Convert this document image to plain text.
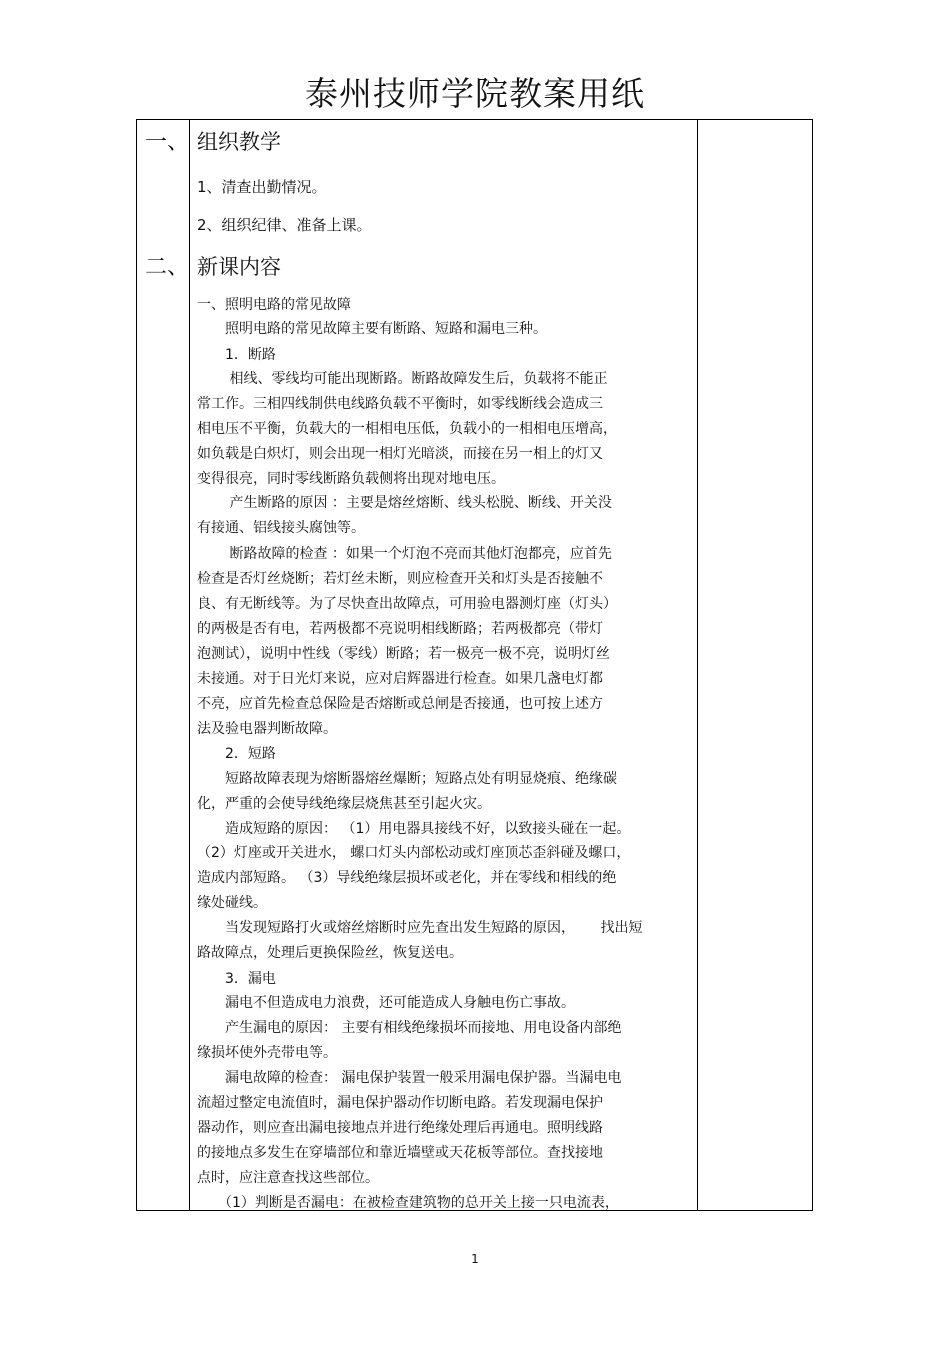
泰州技师学院教案用纸
一、 组织教学
1、清查出勤情况。
2、组织纪律、准备上课。
二、 新课内容
一、照明电路的常见故障
　　照明电路的常见故障主要有断路、短路和漏电三种。
　　1．断路
　　 相线、零线均可能出现断路。断路故障发生后，负载将不能正
常工作。三相四线制供电线路负载不平衡时，如零线断线会造成三
相电压不平衡，负载大的一相相电压低，负载小的一相相电压增高，
如负载是白炽灯，则会出现一相灯光暗淡，而接在另一相上的灯又
变得很亮，同时零线断路负载侧将出现对地电压。
　　 产生断路的原因 ：主要是熔丝熔断、线头松脱、断线、开关没
有接通、铝线接头腐蚀等。
　　 断路故障的检查 ：如果一个灯泡不亮而其他灯泡都亮，应首先
检查是否灯丝烧断；若灯丝未断，则应检查开关和灯头是否接触不
良、有无断线等。为了尽快查出故障点，可用验电器测灯座（灯头）
的两极是否有电，若两极都不亮说明相线断路；若两极都亮（带灯
泡测试），说明中性线（零线）断路；若一极亮一极不亮，说明灯丝
未接通。对于日光灯来说，应对启辉器进行检查。如果几盏电灯都
不亮，应首先检查总保险是否熔断或总闸是否接通，也可按上述方
法及验电器判断故障。
　　2．短路
　　短路故障表现为熔断器熔丝爆断；短路点处有明显烧痕、绝缘碳
化，严重的会使导线绝缘层烧焦甚至引起火灾。
　　造成短路的原因： （1）用电器具接线不好，以致接头碰在一起。
（2）灯座或开关进水， 螺口灯头内部松动或灯座顶芯歪斜碰及螺口，
造成内部短路。 （3）导线绝缘层损坏或老化，并在零线和相线的绝
缘处碰线。
　　当发现短路打火或熔丝熔断时应先查出发生短路的原因，　　 找出短
路故障点，处理后更换保险丝，恢复送电。
　　3．漏电
　　漏电不但造成电力浪费，还可能造成人身触电伤亡事故。
　　产生漏电的原因： 主要有相线绝缘损坏而接地、用电设备内部绝
缘损坏使外壳带电等。
　　漏电故障的检查： 漏电保护装置一般采用漏电保护器。当漏电电
流超过整定电流值时，漏电保护器动作切断电路。若发现漏电保护
器动作，则应查出漏电接地点并进行绝缘处理后再通电。照明线路
的接地点多发生在穿墙部位和靠近墙壁或天花板等部位。查找接地
点时，应注意查找这些部位。
　　（1）判断是否漏电：在被检查建筑物的总开关上接一只电流表，
1
